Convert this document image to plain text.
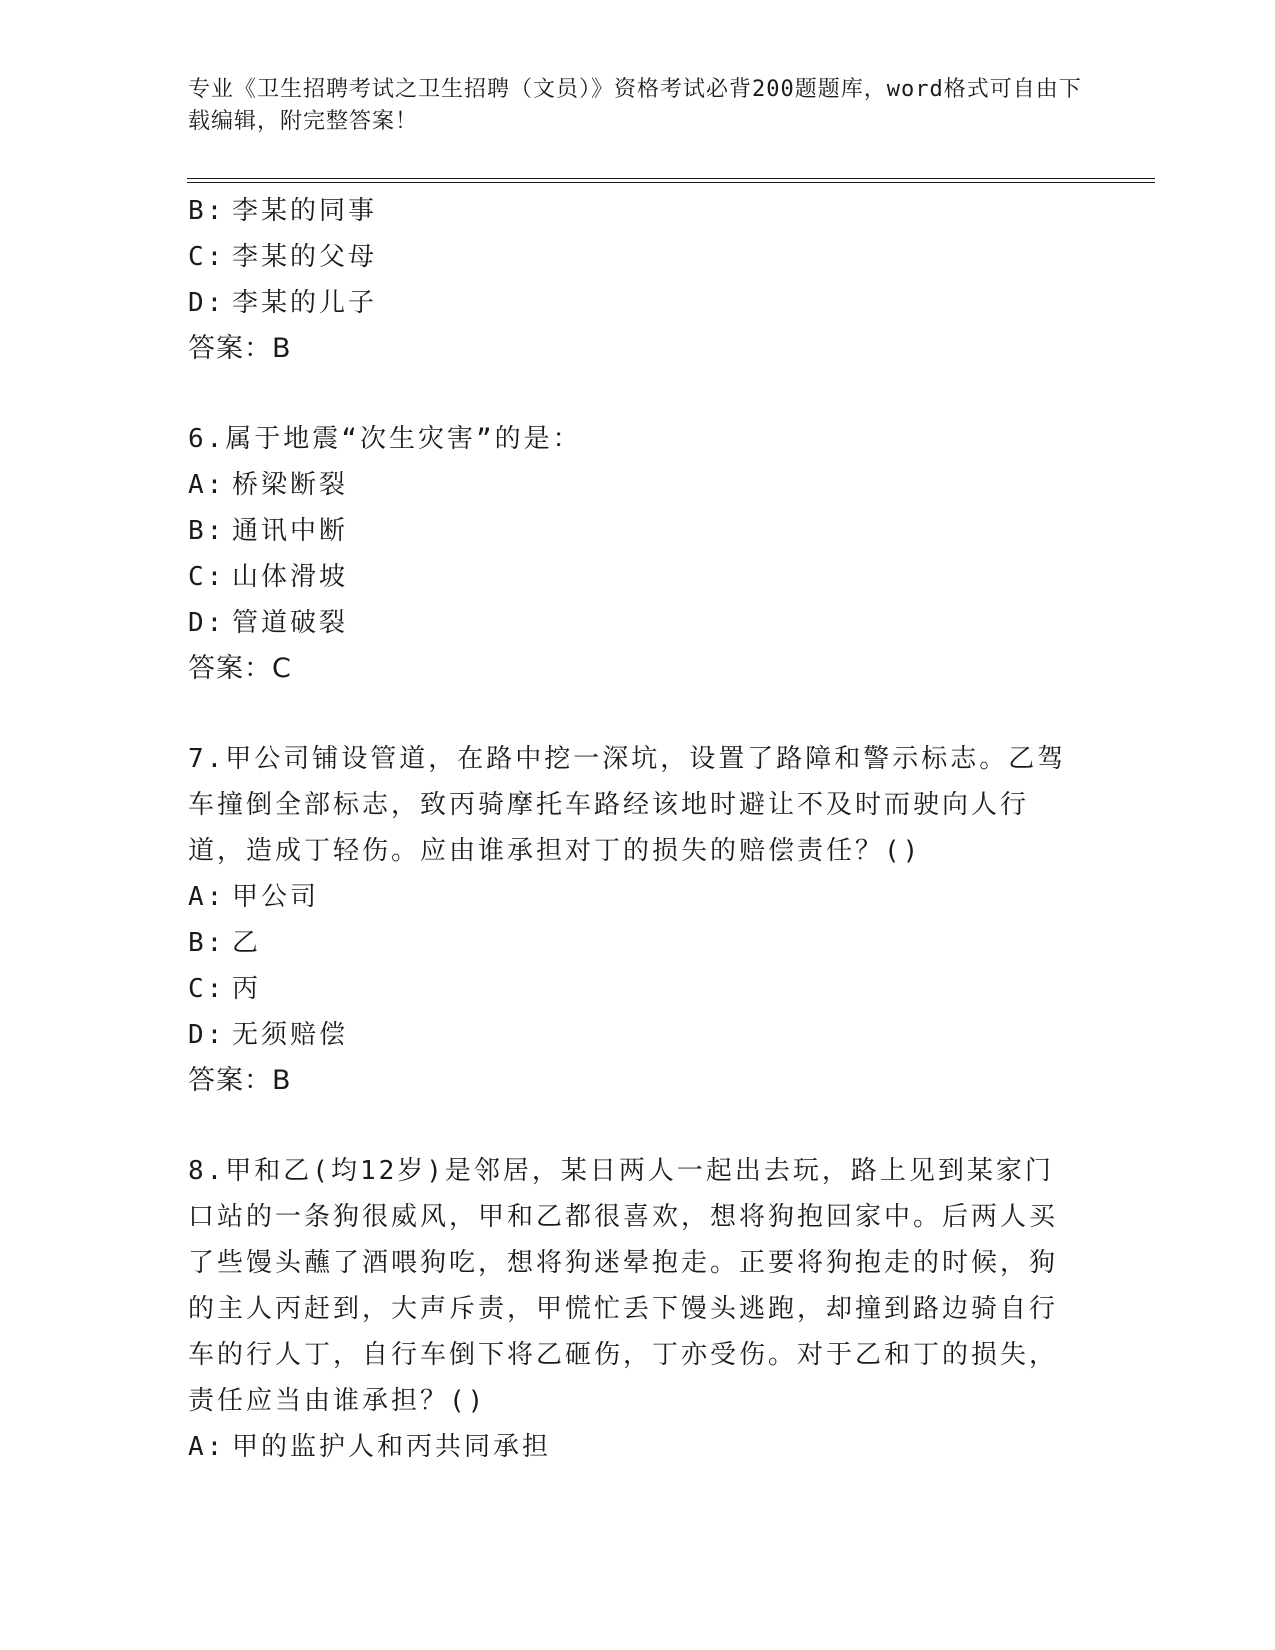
专业《卫生招聘考试之卫生招聘（文员）》资格考试必背200题题库，word格式可自由下载编辑，附完整答案！
B: 李某的同事
C: 李某的父母
D: 李某的儿子
答案：B
6.属于地震“次生灾害”的是：
A: 桥梁断裂
B: 通讯中断
C: 山体滑坡
D: 管道破裂
答案：C
7.甲公司铺设管道，在路中挖一深坑，设置了路障和警示标志。乙驾车撞倒全部标志，致丙骑摩托车路经该地时避让不及时而驶向人行道，造成丁轻伤。应由谁承担对丁的损失的赔偿责任？()
A: 甲公司
B: 乙
C: 丙
D: 无须赔偿
答案：B
8.甲和乙(均12岁)是邻居，某日两人一起出去玩，路上见到某家门口站的一条狗很威风，甲和乙都很喜欢，想将狗抱回家中。后两人买了些馒头蘸了酒喂狗吃，想将狗迷晕抱走。正要将狗抱走的时候，狗的主人丙赶到，大声斥责，甲慌忙丢下馒头逃跑，却撞到路边骑自行车的行人丁，自行车倒下将乙砸伤，丁亦受伤。对于乙和丁的损失，责任应当由谁承担？()
A: 甲的监护人和丙共同承担
